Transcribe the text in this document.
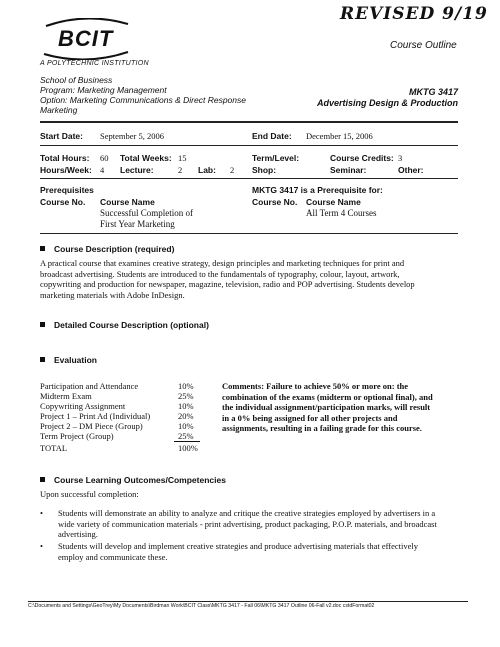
REVISED 9/19
BCIT
A POLYTECHNIC INSTITUTION
Course Outline
School of Business
Program: Marketing Management
Option: Marketing Communications & Direct Response
Marketing
MKTG 3417
Advertising Design & Production
Start Date: September 5, 2006	End Date: December 15, 2006
Total Hours: 60 Total Weeks: 15	Term/Level:	Course Credits: 3
Hours/Week: 4 Lecture:	2 Lab: 2 Shop:	Seminar:	Other:
Prerequisites
Course No. Course Name
Successful Completion of
First Year Marketing
MKTG 3417 is a Prerequisite for:
Course No. Course Name
All Term 4 Courses
Course Description (required)
A practical course that examines creative strategy, design principles and marketing techniques for print and
broadcast advertising. Students are introduced to the fundamentals of typography, colour, layout, artwork,
copywriting and production for newspaper, magazine, television, radio and POP advertising. Students develop
marketing materials with Adobe InDesign.
Detailed Course Description (optional)
Evaluation
Participation and Attendance	10%
Midterm Exam	25%
Copywriting Assignment	10%
Project 1 – Print Ad (Individual)	20%
Project 2 – DM Piece (Group)	10%
Term Project (Group)	25%
TOTAL	100%
Comments: Failure to achieve 50% or more on: the
combination of the exams (midterm or optional final), and
the individual assignment/participation marks, will result
in a 0% being assigned for all other projects and
assignments, resulting in a failing grade for this course.
Course Learning Outcomes/Competencies
Upon successful completion:
• Students will demonstrate an ability to analyze and critique the creative strategies employed by advertisers in a
wide variety of communication materials - print advertising, product packaging, P.O.P. materials, and broadcast
advertising.
• Students will develop and implement creative strategies and produce advertising materials that effectively
employ and communicate these.
C:\Documents and Settings\GeoTrey\My Documents\Birdman Work\BCIT Class\MKTG 3417 - Fall 06\MKTG 3417 Outline 06-Fall v2.doc cstdFormat02
